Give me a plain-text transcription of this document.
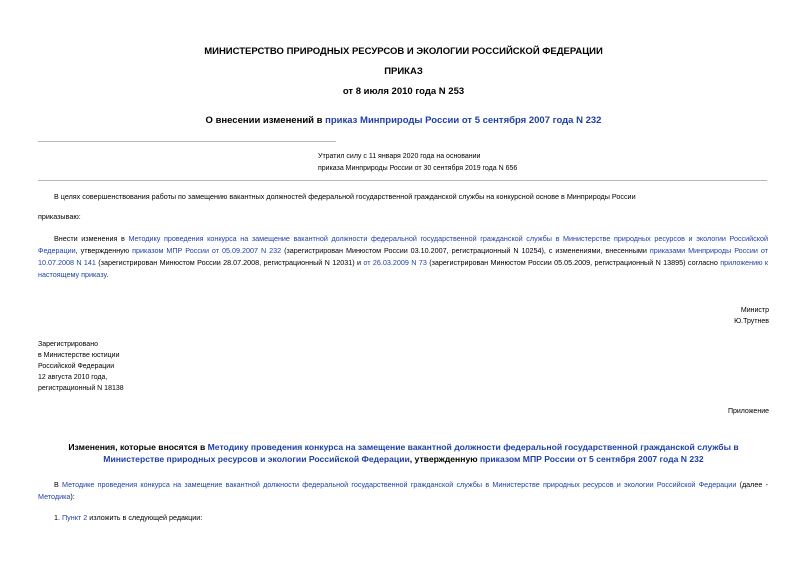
МИНИСТЕРСТВО ПРИРОДНЫХ РЕСУРСОВ И ЭКОЛОГИИ РОССИЙСКОЙ ФЕДЕРАЦИИ
ПРИКАЗ
от 8 июля 2010 года N 253
О внесении изменений в приказ Минприроды России от 5 сентября 2007 года N 232
Утратил силу с 11 января 2020 года на основании
приказа Минприроды России от 30 сентября 2019 года N 656
В целях совершенствования работы по замещению вакантных должностей федеральной государственной гражданской службы на конкурсной основе в Минприроды России
приказываю:
Внести изменения в Методику проведения конкурса на замещение вакантной должности федеральной государственной гражданской службы в Министерстве природных ресурсов и экологии Российской Федерации, утвержденную приказом МПР России от 05.09.2007 N 232 (зарегистрирован Минюстом России 03.10.2007, регистрационный N 10254), с изменениями, внесенными приказами Минприроды России от 10.07.2008 N 141 (зарегистрирован Минюстом России 28.07.2008, регистрационный N 12031) и от 26.03.2009 N 73 (зарегистрирован Минюстом России 05.05.2009, регистрационный N 13895) согласно приложению к настоящему приказу.
Министр
Ю.Трутнев
Зарегистрировано
в Министерстве юстиции
Российской Федерации
12 августа 2010 года,
регистрационный N 18138
Приложение
Изменения, которые вносятся в Методику проведения конкурса на замещение вакантной должности федеральной государственной гражданской службы в Министерстве природных ресурсов и экологии Российской Федерации, утвержденную приказом МПР России от 5 сентября 2007 года N 232
В Методике проведения конкурса на замещение вакантной должности федеральной государственной гражданской службы в Министерстве природных ресурсов и экологии Российской Федерации (далее - Методика):
1. Пункт 2 изложить в следующей редакции:
